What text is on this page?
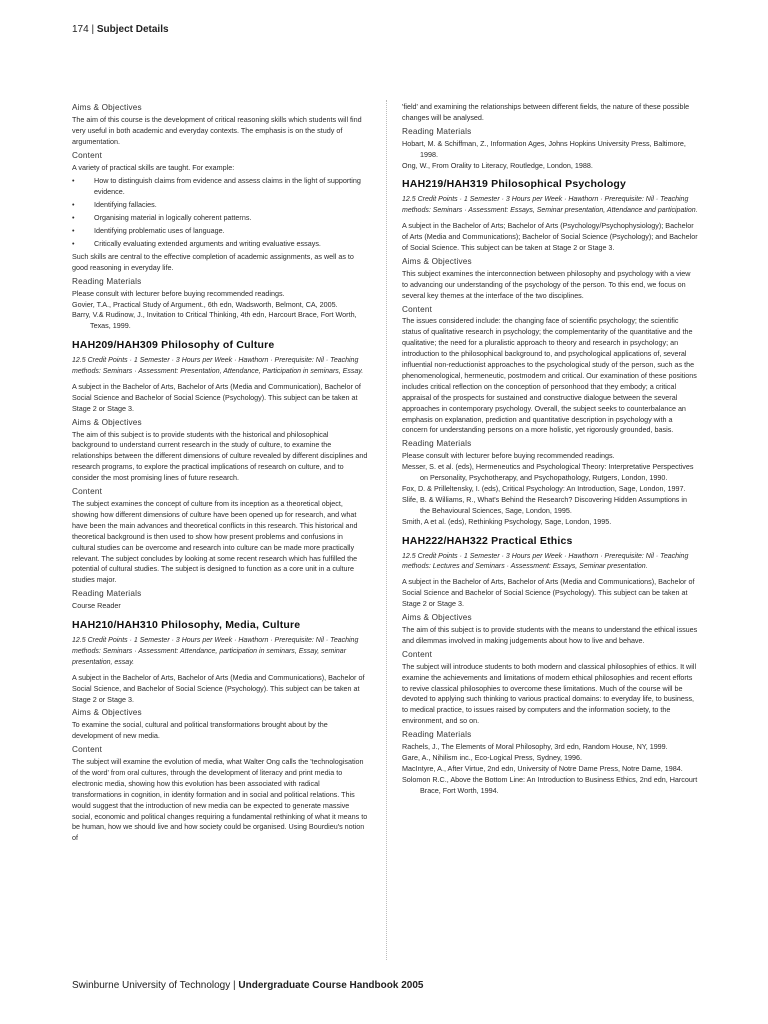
174 | Subject Details
Aims & Objectives
The aim of this course is the development of critical reasoning skills which students will find very useful in both academic and everyday contexts. The emphasis is on the study of argumentation.
Content
A variety of practical skills are taught. For example:
•	How to distinguish claims from evidence and assess claims in the light of supporting evidence.
•	Identifying fallacies.
•	Organising material in logically coherent patterns.
•	Identifying problematic uses of language.
•	Critically evaluating extended arguments and writing evaluative essays.
Such skills are central to the effective completion of academic assignments, as well as to good reasoning in everyday life.
Reading Materials
Please consult with lecturer before buying recommended readings.
Govier, T.A., Practical Study of Argument., 6th edn, Wadsworth, Belmont, CA, 2005.
Barry, V.& Rudinow, J., Invitation to Critical Thinking, 4th edn, Harcourt Brace, Fort Worth, Texas, 1999.
HAH209/HAH309 Philosophy of Culture
12.5 Credit Points · 1 Semester · 3 Hours per Week · Hawthorn · Prerequisite: Nil · Teaching methods: Seminars · Assessment: Presentation, Attendance, Participation in seminars, Essay.
A subject in the Bachelor of Arts, Bachelor of Arts (Media and Communication), Bachelor of Social Science and Bachelor of Social Science (Psychology). This subject can be taken at Stage 2 or Stage 3.
Aims & Objectives
The aim of this subject is to provide students with the historical and philosophical background to understand current research in the study of culture, to examine the relationships between the different dimensions of culture revealed by different disciplines and research programs, to explore the practical implications of research on culture, and to consider the most promising lines of future research.
Content
The subject examines the concept of culture from its inception as a theoretical object, showing how different dimensions of culture have been opened up for research, and what have been the main advances and theoretical conflicts in this research. This historical and theoretical background is then used to show how present problems and confusions in cultural studies can be overcome and research into culture can be made more practically relevant. The subject concludes by looking at some recent research which has fulfilled the potential of cultural studies. The subject is designed to function as a core unit in a culture studies major.
Reading Materials
Course Reader
HAH210/HAH310 Philosophy, Media, Culture
12.5 Credit Points · 1 Semester · 3 Hours per Week · Hawthorn · Prerequisite: Nil · Teaching methods: Seminars · Assessment: Attendance, participation in seminars, Essay, seminar presentation, essay.
A subject in the Bachelor of Arts, Bachelor of Arts (Media and Communications), Bachelor of Social Science, and Bachelor of Social Science (Psychology). This subject can be taken at Stage 2 or Stage 3.
Aims & Objectives
To examine the social, cultural and political transformations brought about by the development of new media.
Content
The subject will examine the evolution of media, what Walter Ong calls the 'technologisation of the word' from oral cultures, through the development of literacy and print media to electronic media, showing how this evolution has been associated with radical transformations in cognition, in identity formation and in social and political relations. This would suggest that the introduction of new media can be expected to generate massive social, economic and political changes requiring a fundamental rethinking of what it means to be human, how we should live and how society could be organised. Using Bourdieu's notion of
'field' and examining the relationships between different fields, the nature of these possible changes will be analysed.
Reading Materials
Hobart, M. & Schiffman, Z., Information Ages, Johns Hopkins University Press, Baltimore, 1998.
Ong, W., From Orality to Literacy, Routledge, London, 1988.
HAH219/HAH319 Philosophical Psychology
12.5 Credit Points · 1 Semester · 3 Hours per Week · Hawthorn · Prerequisite: Nil · Teaching methods: Seminars · Assessment: Essays, Seminar presentation, Attendance and participation.
A subject in the Bachelor of Arts; Bachelor of Arts (Psychology/Psychophysiology); Bachelor of Arts (Media and Communications); Bachelor of Social Science (Psychology); and Bachelor of Social Science. This subject can be taken at Stage 2 or Stage 3.
Aims & Objectives
This subject examines the interconnection between philosophy and psychology with a view to advancing our understanding of the psychology of the person. To this end, we focus on several key themes at the interface of the two disciplines.
Content
The issues considered include: the changing face of scientific psychology; the scientific status of qualitative research in psychology; the complementarity of the quantitative and the qualitative; the need for a pluralistic approach to theory and research in psychology; an introduction to the philosophical background to, and psychological applications of, several influential non-reductionist approaches to the psychological study of the person, such as the phenomenological, hermeneutic, postmodern and critical. Our examination of these positions includes critical reflection on the conception of personhood that they embody; a critical appraisal of the prospects for sustained and constructive dialogue between the several approaches in contemporary psychology. Overall, the subject seeks to counterbalance an emphasis on explanation, prediction and quantitative description in psychology with a concern for understanding persons on a more holistic, yet rigorously grounded, basis.
Reading Materials
Please consult with lecturer before buying recommended readings.
Messer, S. et al. (eds), Hermeneutics and Psychological Theory: Interpretative Perspectives on Personality, Psychotherapy, and Psychopathology, Rutgers, London, 1990.
Fox, D. & Prilleltensky, I. (eds), Critical Psychology: An Introduction, Sage, London, 1997.
Slife, B. & Williams, R., What's Behind the Research? Discovering Hidden Assumptions in the Behavioural Sciences, Sage, London, 1995.
Smith, A et al. (eds), Rethinking Psychology, Sage, London, 1995.
HAH222/HAH322 Practical Ethics
12.5 Credit Points · 1 Semester · 3 Hours per Week · Hawthorn · Prerequisite: Nil · Teaching methods: Lectures and Seminars · Assessment: Essays, Seminar presentation.
A subject in the Bachelor of Arts, Bachelor of Arts (Media and Communications), Bachelor of Social Science and Bachelor of Social Science (Psychology). This subject can be taken at Stage 2 or Stage 3.
Aims & Objectives
The aim of this subject is to provide students with the means to understand the ethical issues and dilemmas involved in making judgements about how to live and behave.
Content
The subject will introduce students to both modern and classical philosophies of ethics. It will examine the achievements and limitations of modern ethical philosophies and recent efforts to revive classical philosophies to overcome these limitations. Much of the course will be devoted to applying such thinking to various practical domains: to everyday life, to business, to medical practice, to issues raised by computers and the information society, to the environment, and so on.
Reading Materials
Rachels, J., The Elements of Moral Philosophy, 3rd edn, Random House, NY, 1999.
Gare, A., Nihilism inc., Eco-Logical Press, Sydney, 1996.
MacIntyre, A., After Virtue, 2nd edn, University of Notre Dame Press, Notre Dame, 1984.
Solomon R.C., Above the Bottom Line: An Introduction to Business Ethics, 2nd edn, Harcourt Brace, Fort Worth, 1994.
Swinburne University of Technology | Undergraduate Course Handbook 2005
